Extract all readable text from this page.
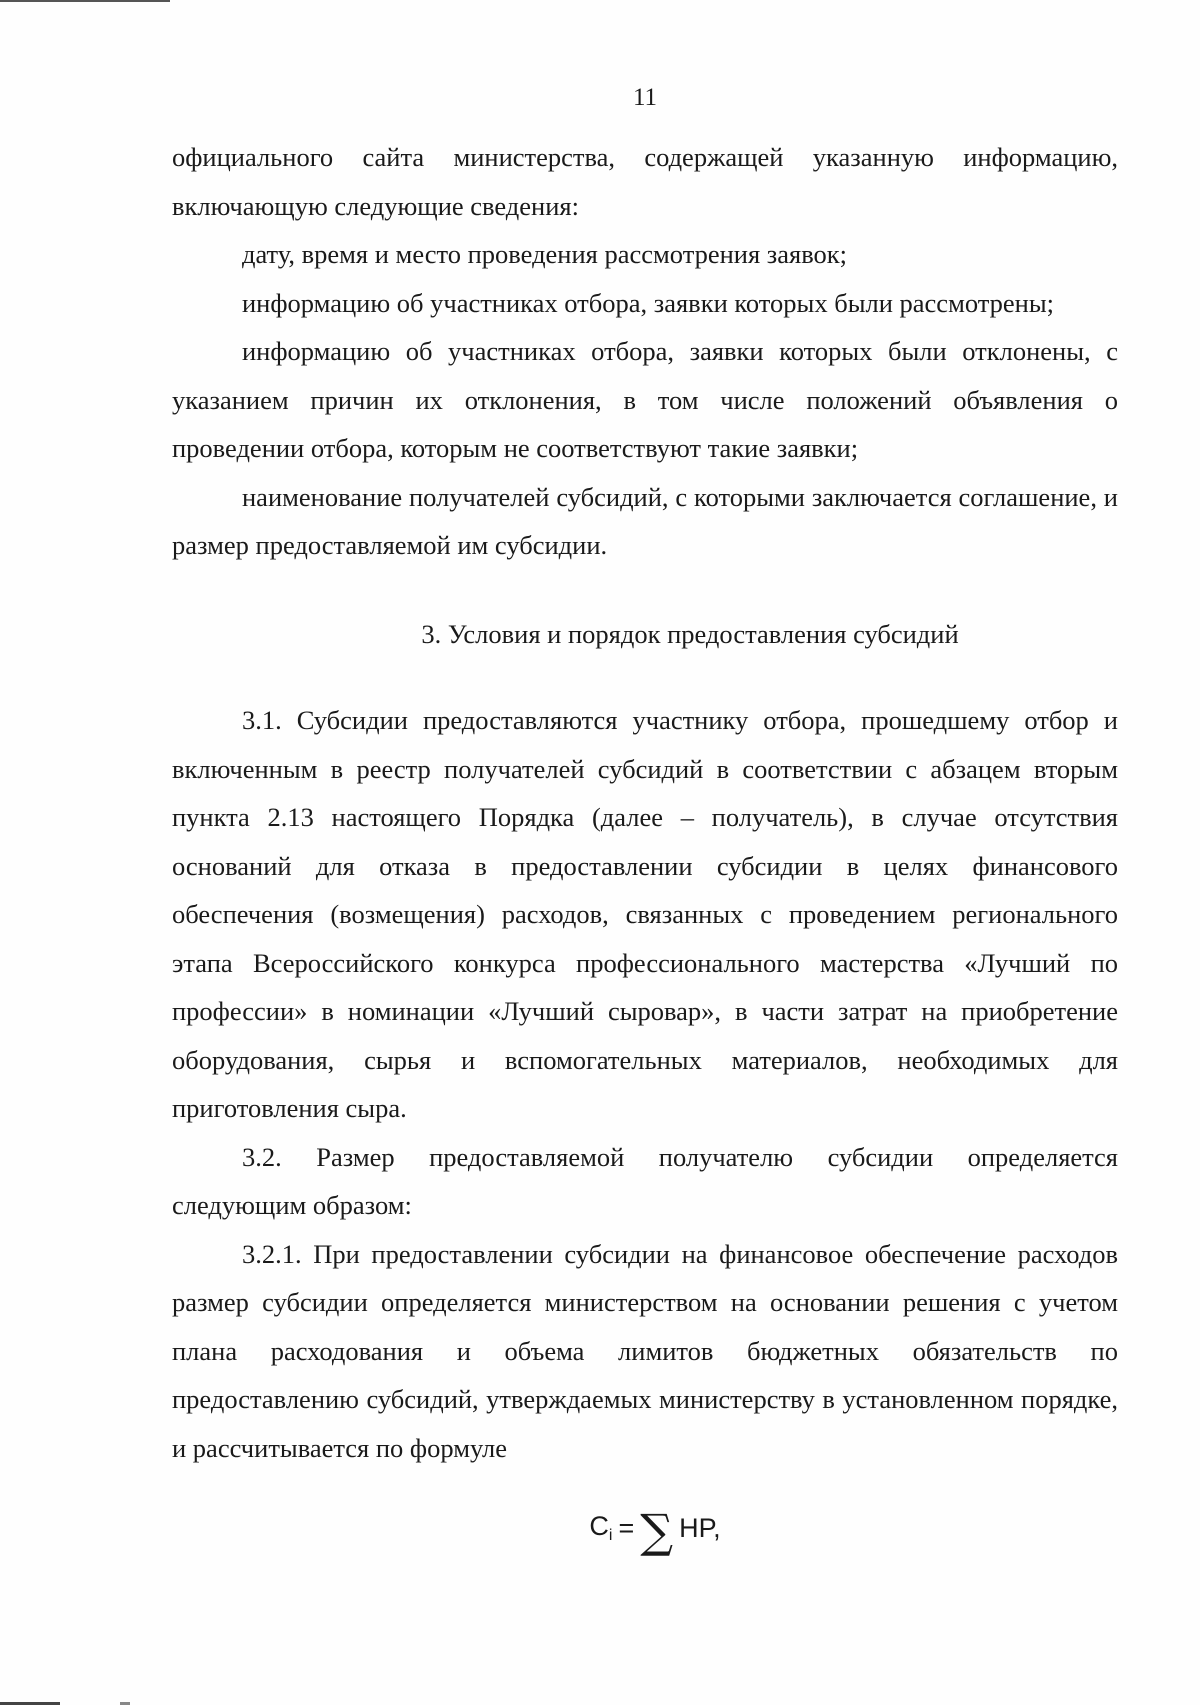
11

официального сайта министерства, содержащей указанную информацию, включающую следующие сведения:

дату, время и место проведения рассмотрения заявок;

информацию об участниках отбора, заявки которых были рассмотрены;

информацию об участниках отбора, заявки которых были отклонены, с указанием причин их отклонения, в том числе положений объявления о проведении отбора, которым не соответствуют такие заявки;

наименование получателей субсидий, с которыми заключается соглашение, и размер предоставляемой им субсидии.

3. Условия и порядок предоставления субсидий

3.1. Субсидии предоставляются участнику отбора, прошедшему отбор и включенным в реестр получателей субсидий в соответствии с абзацем вторым пункта 2.13 настоящего Порядка (далее – получатель), в случае отсутствия оснований для отказа в предоставлении субсидии в целях финансового обеспечения (возмещения) расходов, связанных с проведением регионального этапа Всероссийского конкурса профессионального мастерства «Лучший по профессии» в номинации «Лучший сыровар», в части затрат на приобретение оборудования, сырья и вспомогательных материалов, необходимых для приготовления сыра.

3.2. Размер предоставляемой получателю субсидии определяется следующим образом:

3.2.1. При предоставлении субсидии на финансовое обеспечение расходов размер субсидии определяется министерством на основании решения с учетом плана расходования и объема лимитов бюджетных обязательств по предоставлению субсидий, утверждаемых министерству в установленном порядке, и рассчитывается по формуле

$C_i$ = ∑ HP,
